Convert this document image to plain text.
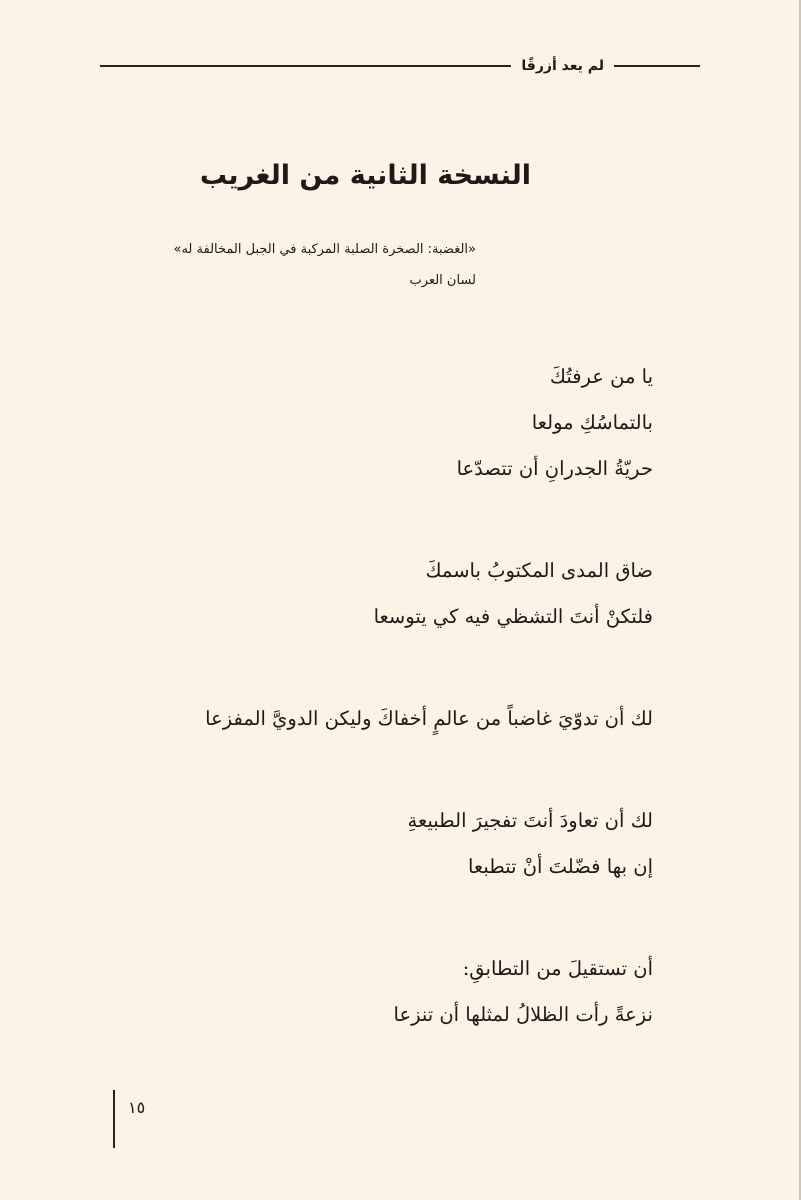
لم يعد أزرقًا
النسخة الثانية من الغريب
«الغضبة: الصخرة الصلبة المركبة في الجبل المخالفة له»
لسان العرب
يا من عرفتُكَ
بالتماسُكِ مولعا
حريّةُ الجدرانِ أن تتصدّعا
ضاق المدى المكتوبُ باسمكَ
فلتكنْ أنتَ التشظي فيه كي يتوسعا
لك أن تدوّيَ غاضباً من عالمٍ أخفاكَ وليكن الدويَّ المفزعا
لك أن تعاودَ أنتَ تفجيرَ الطبيعةِ
إن بها فضّلتَ أنْ تتطبعا
أن تستقيلَ من التطابقِ:
نزعةً رأت الظلالُ لمثلها أن تنزعا
١٥
